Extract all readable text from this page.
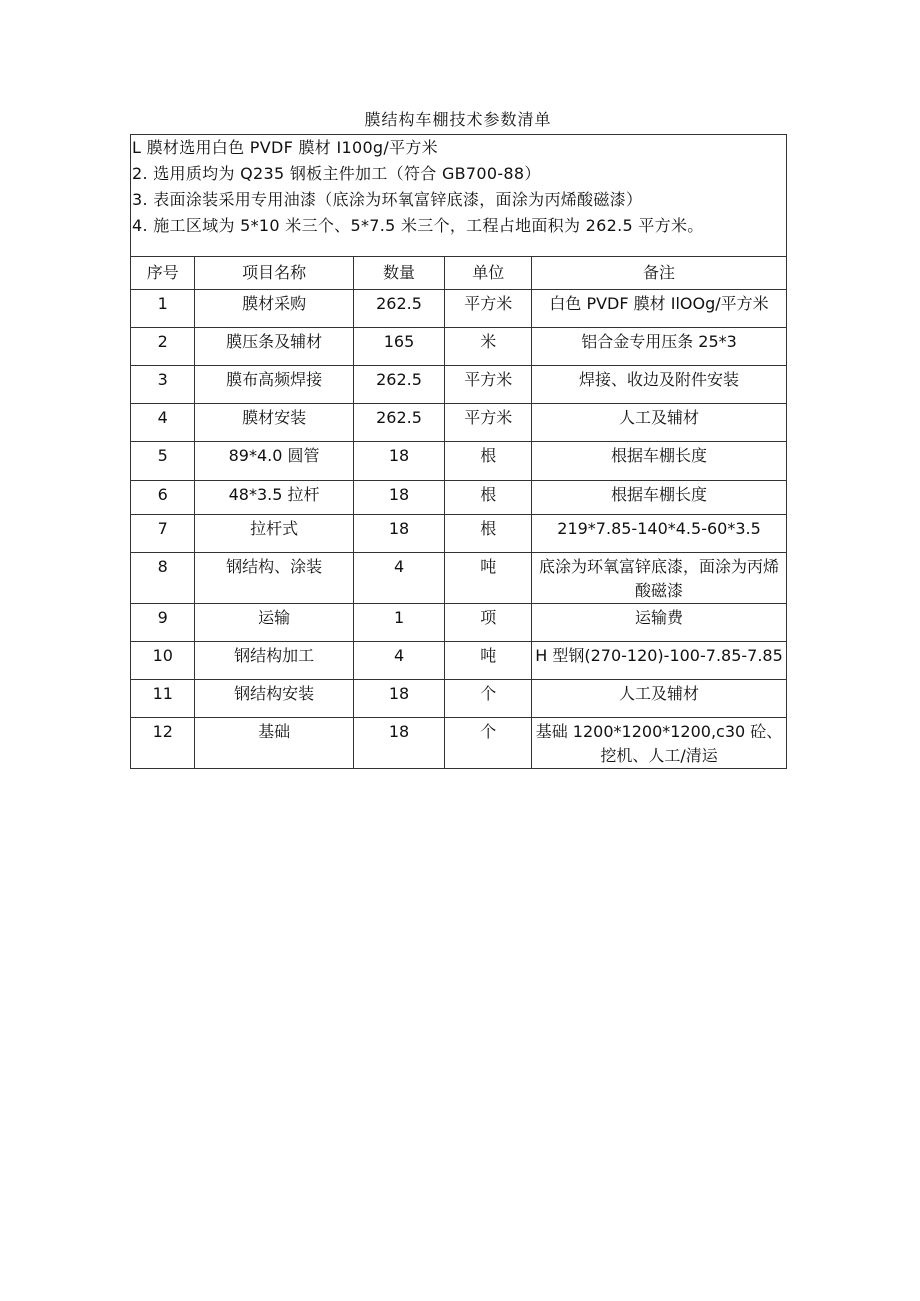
膜结构车棚技术参数清单
L 膜材选用白色 PVDF 膜材 I100g/平方米
2. 选用质均为 Q235 钢板主件加工（符合 GB700-88）
3. 表面涂装采用专用油漆（底涂为环氧富锌底漆，面涂为丙烯酸磁漆）
4. 施工区域为 5*10 米三个、5*7.5 米三个，工程占地面积为 262.5 平方米。
序号	项目名称	数量	单位	备注
1	膜材采购	262.5	平方米	白色 PVDF 膜材 IlOOg/平方米
2	膜压条及辅材	165	米	铝合金专用压条 25*3
3	膜布高频焊接	262.5	平方米	焊接、收边及附件安装
4	膜材安装	262.5	平方米	人工及辅材
5	89*4.0 圆管	18	根	根据车棚长度
6	48*3.5 拉杆	18	根	根据车棚长度
7	拉杆式	18	根	219*7.85-140*4.5-60*3.5
8	钢结构、涂装	4	吨	底涂为环氧富锌底漆，面涂为丙烯酸磁漆
9	运输	1	项	运输费
10	钢结构加工	4	吨	H 型钢(270-120)-100-7.85-7.85
11	钢结构安装	18	个	人工及辅材
12	基础	18	个	基础 1200*1200*1200,c30 砼、挖机、人工/清运
